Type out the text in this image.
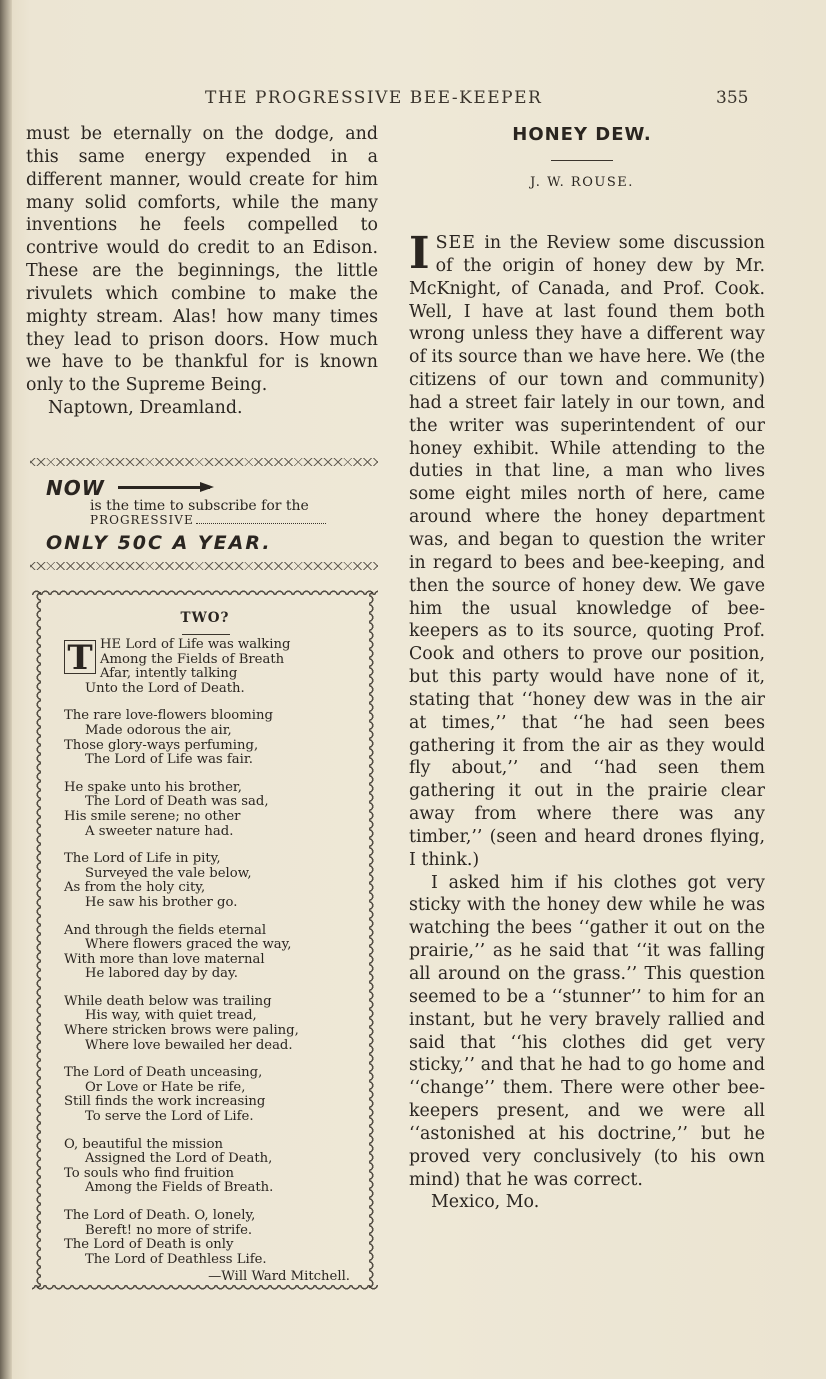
THE PROGRESSIVE BEE-KEEPER	355

must be eternally on the dodge, and this same energy expended in a different manner, would create for him many solid comforts, while the many inventions he feels compelled to contrive would do credit to an Edison. These are the beginnings, the little rivulets which combine to make the mighty stream. Alas! how many times they lead to prison doors. How much we have to be thankful for is known only to the Supreme Being.

Naptown, Dreamland.

NOW
is the time to subscribe for the
PROGRESSIVE
ONLY 50C A YEAR.
TWO?
T HE Lord of Life was walking
Among the Fields of Breath
Afar, intently talking
Unto the Lord of Death.
The rare love-flowers blooming
Made odorous the air,
Those glory-ways perfuming,
The Lord of Life was fair.
He spake unto his brother,
The Lord of Death was sad,
His smile serene; no other
A sweeter nature had.
The Lord of Life in pity,
Surveyed the vale below,
As from the holy city,
He saw his brother go.
And through the fields eternal
Where flowers graced the way,
With more than love maternal
He labored day by day.
While death below was trailing
His way, with quiet tread,
Where stricken brows were paling,
Where love bewailed her dead.
The Lord of Death unceasing,
Or Love or Hate be rife,
Still finds the work increasing
To serve the Lord of Life.
O, beautiful the mission
Assigned the Lord of Death,
To souls who find fruition
Among the Fields of Breath.
The Lord of Death. O, lonely,
Bereft! no more of strife.
The Lord of Death is only
The Lord of Deathless Life.
—Will Ward Mitchell.
HONEY DEW.
J. W. ROUSE.

ISEE in the Review some discussion of the origin of honey dew by Mr. McKnight, of Canada, and Prof. Cook. Well, I have at last found them both wrong unless they have a different way of its source than we have here. We (the citizens of our town and community) had a street fair lately in our town, and the writer was superintendent of our honey exhibit. While attending to the duties in that line, a man who lives some eight miles north of here, came around where the honey department was, and began to question the writer in regard to bees and bee-keeping, and then the source of honey dew. We gave him the usual knowledge of bee-keepers as to its source, quoting Prof. Cook and others to prove our position, but this party would have none of it, stating that ‘‘honey dew was in the air at times,’’ that ‘‘he had seen bees gathering it from the air as they would fly about,’’ and ‘‘had seen them gathering it out in the prairie clear away from where there was any timber,’’ (seen and heard drones flying, I think.)

I asked him if his clothes got very sticky with the honey dew while he was watching the bees ‘‘gather it out on the prairie,’’ as he said that ‘‘it was falling all around on the grass.’’ This question seemed to be a ‘‘stunner’’ to him for an instant, but he very bravely rallied and said that ‘‘his clothes did get very sticky,’’ and that he had to go home and ‘‘change’’ them. There were other bee-keepers present, and we were all ‘‘astonished at his doctrine,’’ but he proved very conclusively (to his own mind) that he was correct.

Mexico, Mo.
